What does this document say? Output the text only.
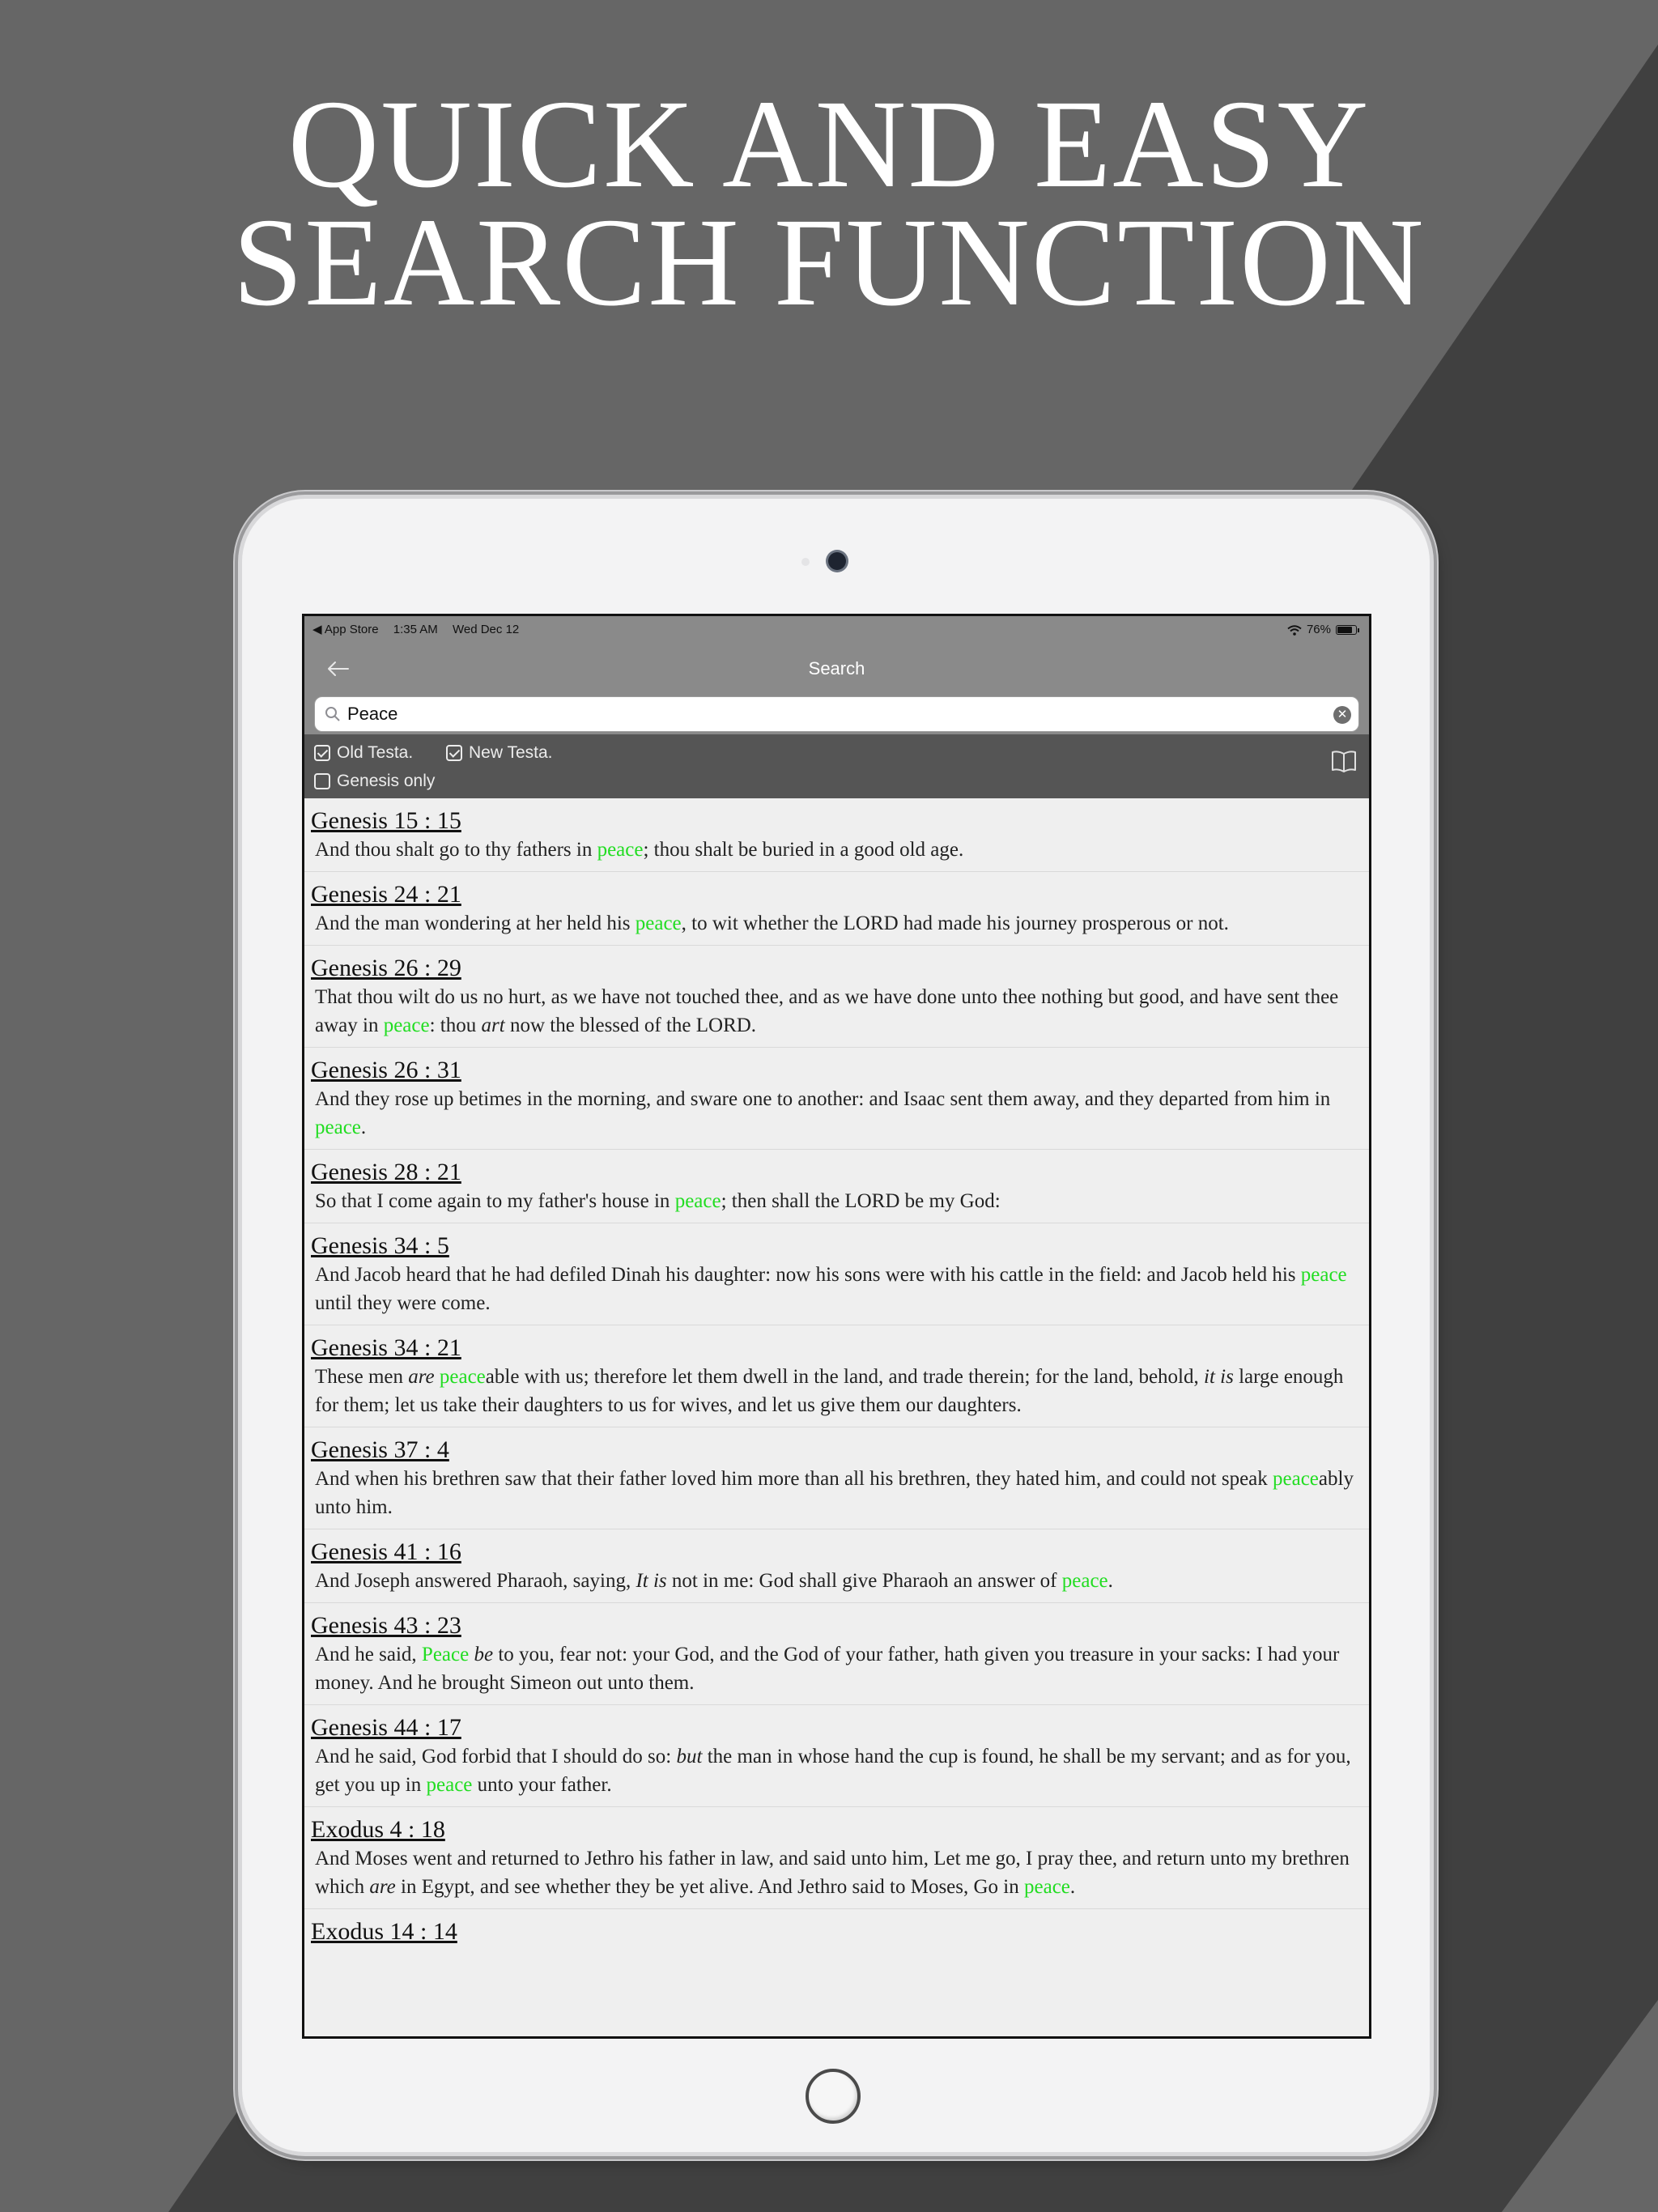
QUICK AND EASY
SEARCH FUNCTION
◀ App Store 1:35 AM Wed Dec 12	76%
Search
Peace	✕
Old Testa.	New Testa.
Genesis only
Genesis 15 : 15
And thou shalt go to thy fathers in peace; thou shalt be buried in a good old age.
Genesis 24 : 21
And the man wondering at her held his peace, to wit whether the LORD had made his journey prosperous or not.
Genesis 26 : 29
That thou wilt do us no hurt, as we have not touched thee, and as we have done unto thee nothing but good, and have sent thee away in peace: thou art now the blessed of the LORD.
Genesis 26 : 31
And they rose up betimes in the morning, and sware one to another: and Isaac sent them away, and they departed from him in peace.
Genesis 28 : 21
So that I come again to my father's house in peace; then shall the LORD be my God:
Genesis 34 : 5
And Jacob heard that he had defiled Dinah his daughter: now his sons were with his cattle in the field: and Jacob held his peace until they were come.
Genesis 34 : 21
These men are peaceable with us; therefore let them dwell in the land, and trade therein; for the land, behold, it is large enough for them; let us take their daughters to us for wives, and let us give them our daughters.
Genesis 37 : 4
And when his brethren saw that their father loved him more than all his brethren, they hated him, and could not speak peaceably unto him.
Genesis 41 : 16
And Joseph answered Pharaoh, saying, It is not in me: God shall give Pharaoh an answer of peace.
Genesis 43 : 23
And he said, Peace be to you, fear not: your God, and the God of your father, hath given you treasure in your sacks: I had your money. And he brought Simeon out unto them.
Genesis 44 : 17
And he said, God forbid that I should do so: but the man in whose hand the cup is found, he shall be my servant; and as for you, get you up in peace unto your father.
Exodus 4 : 18
And Moses went and returned to Jethro his father in law, and said unto him, Let me go, I pray thee, and return unto my brethren which are in Egypt, and see whether they be yet alive. And Jethro said to Moses, Go in peace.
Exodus 14 : 14
